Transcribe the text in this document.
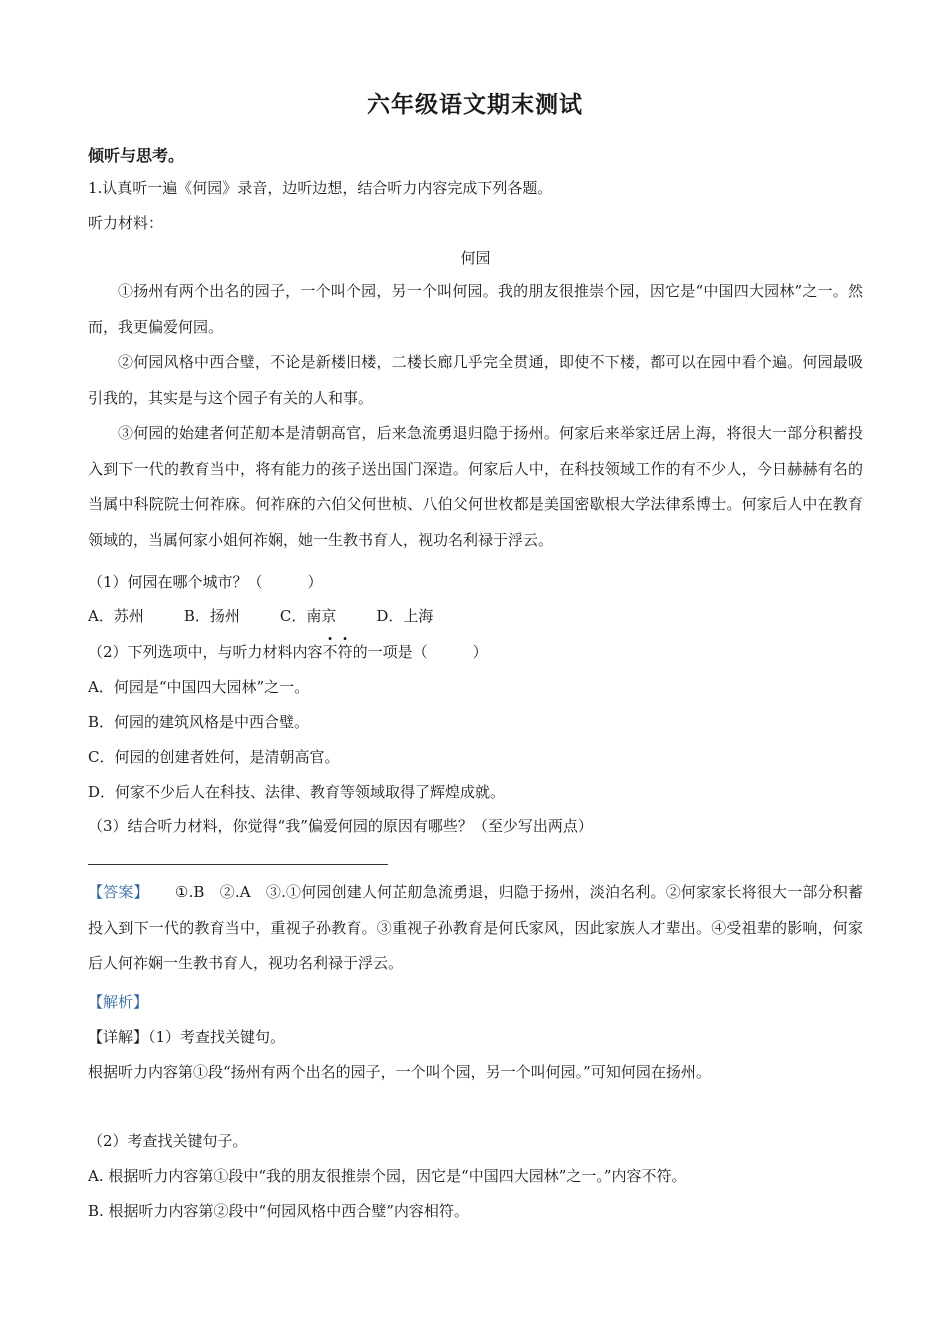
六年级语文期末测试
倾听与思考。
1.认真听一遍《何园》录音，边听边想，结合听力内容完成下列各题。
听力材料：
何园
①扬州有两个出名的园子，一个叫个园，另一个叫何园。我的朋友很推崇个园，因它是“中国四大园林”之一。然而，我更偏爱何园。
②何园风格中西合璧，不论是新楼旧楼，二楼长廊几乎完全贯通，即使不下楼，都可以在园中看个遍。何园最吸引我的，其实是与这个园子有关的人和事。
③何园的始建者何芷舠本是清朝高官，后来急流勇退归隐于扬州。何家后来举家迁居上海，将很大一部分积蓄投入到下一代的教育当中，将有能力的孩子送出国门深造。何家后人中，在科技领域工作的有不少人，今日赫赫有名的当属中科院院士何祚庥。何祚庥的六伯父何世桢、八伯父何世枚都是美国密歇根大学法律系博士。何家后人中在教育领域的，当属何家小姐何祚娴，她一生教书育人，视功名利禄于浮云。
（1）何园在哪个城市？（　　　）
A．苏州	B．扬州	C．南京	D．上海
（2）下列选项中，与听力材料内容不符的一项是（　　　）
A．何园是“中国四大园林”之一。
B．何园的建筑风格是中西合璧。
C．何园的创建者姓何，是清朝高官。
D．何家不少后人在科技、法律、教育等领域取得了辉煌成就。
（3）结合听力材料，你觉得“我”偏爱何园的原因有哪些？（至少写出两点）
【答案】 ①.B　②.A　③.①何园创建人何芷舠急流勇退，归隐于扬州，淡泊名利。②何家家长将很大一部分积蓄投入到下一代的教育当中，重视子孙教育。③重视子孙教育是何氏家风，因此家族人才辈出。④受祖辈的影响，何家后人何祚娴一生教书育人，视功名利禄于浮云。
【解析】
【详解】（1）考查找关键句。
根据听力内容第①段“扬州有两个出名的园子，一个叫个园，另一个叫何园。”可知何园在扬州。
（2）考查找关键句子。
A. 根据听力内容第①段中“我的朋友很推崇个园，因它是“中国四大园林”之一。”内容不符。
B. 根据听力内容第②段中“何园风格中西合璧”内容相符。
